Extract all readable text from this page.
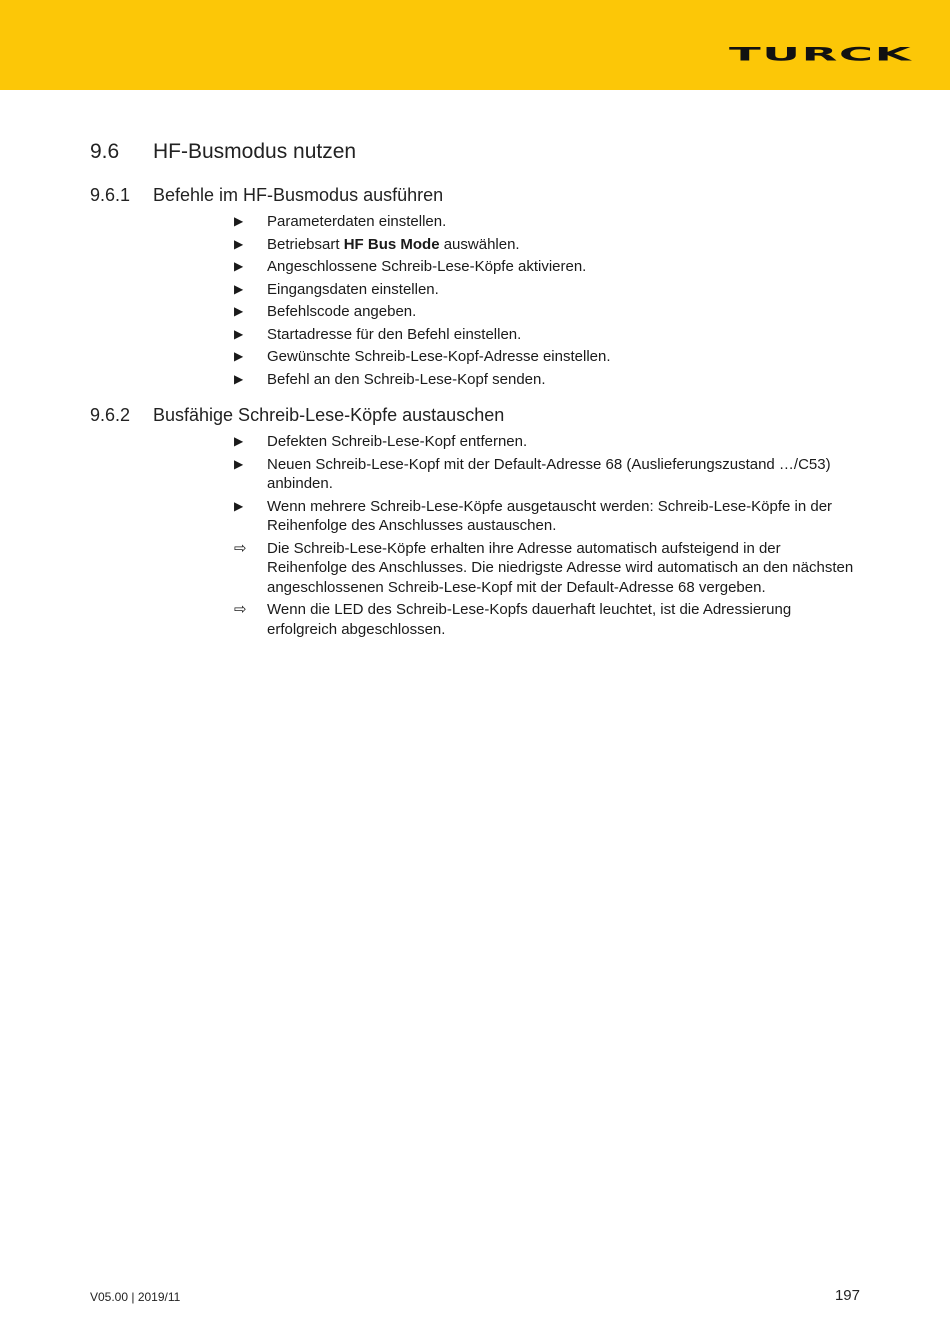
TURCK
9.6 HF-Busmodus nutzen
9.6.1 Befehle im HF-Busmodus ausführen
▶	Parameterdaten einstellen.
▶	Betriebsart HF Bus Mode auswählen.
▶	Angeschlossene Schreib-Lese-Köpfe aktivieren.
▶	Eingangsdaten einstellen.
▶	Befehlscode angeben.
▶	Startadresse für den Befehl einstellen.
▶	Gewünschte Schreib-Lese-Kopf-Adresse einstellen.
▶	Befehl an den Schreib-Lese-Kopf senden.
9.6.2 Busfähige Schreib-Lese-Köpfe austauschen
▶	Defekten Schreib-Lese-Kopf entfernen.
▶	Neuen Schreib-Lese-Kopf mit der Default-Adresse 68 (Auslieferungszustand …/C53) anbinden.
▶	Wenn mehrere Schreib-Lese-Köpfe ausgetauscht werden: Schreib-Lese-Köpfe in der Reihenfolge des Anschlusses austauschen.
⇨	Die Schreib-Lese-Köpfe erhalten ihre Adresse automatisch aufsteigend in der Reihenfolge des Anschlusses. Die niedrigste Adresse wird automatisch an den nächsten angeschlossenen Schreib-Lese-Kopf mit der Default-Adresse 68 vergeben.
⇨	Wenn die LED des Schreib-Lese-Kopfs dauerhaft leuchtet, ist die Adressierung erfolgreich abgeschlossen.
V05.00 | 2019/11	197
